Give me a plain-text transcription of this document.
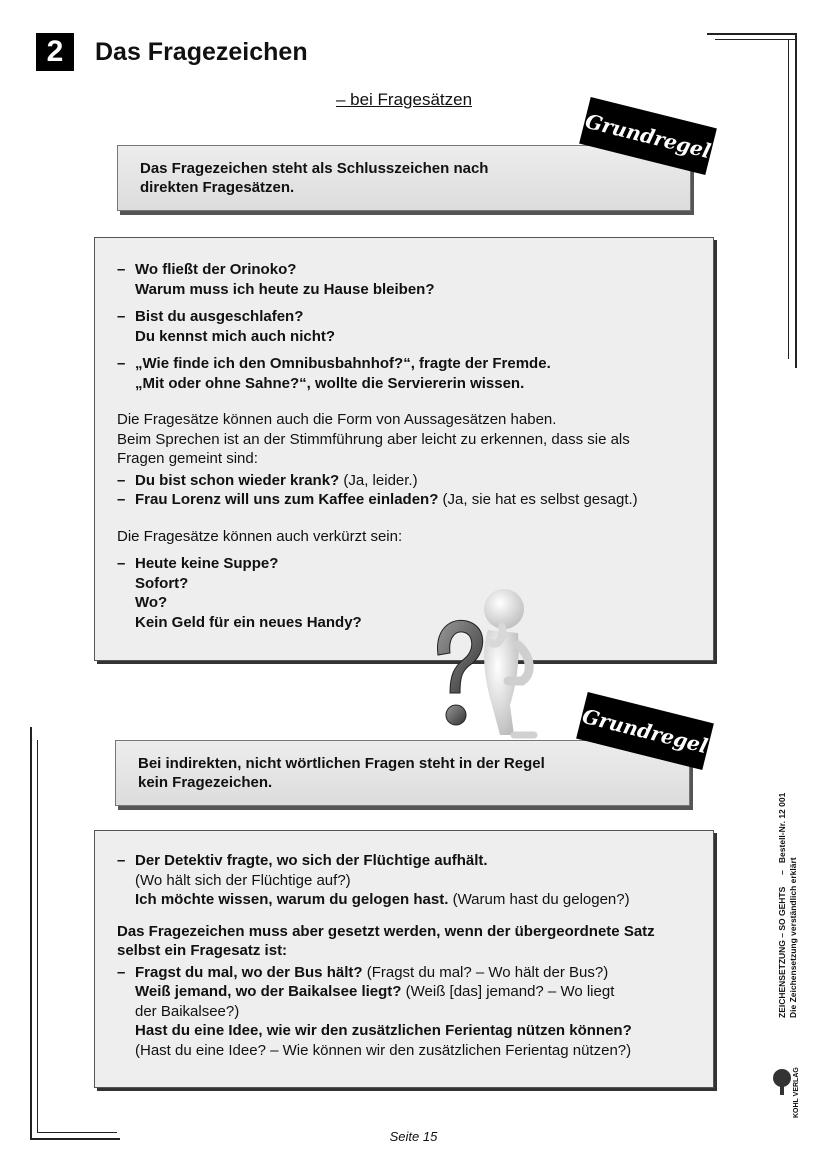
2	Das Fragezeichen
– bei Fragesätzen
Das Fragezeichen steht als Schlusszeichen nach
direkten Fragesätzen.
Grundregel
– Wo fließt der Orinoko?
Warum muss ich heute zu Hause bleiben?
– Bist du ausgeschlafen?
Du kennst mich auch nicht?
– „Wie finde ich den Omnibusbahnhof?“, fragte der Fremde.
„Mit oder ohne Sahne?“, wollte die Serviererin wissen.
Die Fragesätze können auch die Form von Aussagesätzen haben.
Beim Sprechen ist an der Stimmführung aber leicht zu erkennen, dass sie als
Fragen gemeint sind:
– Du bist schon wieder krank? (Ja, leider.)
– Frau Lorenz will uns zum Kaffee einladen? (Ja, sie hat es selbst gesagt.)
Die Fragesätze können auch verkürzt sein:
– Heute keine Suppe?
Sofort?
Wo?
Kein Geld für ein neues Handy?
Bei indirekten, nicht wörtlichen Fragen steht in der Regel
kein Fragezeichen.
Grundregel
– Der Detektiv fragte, wo sich der Flüchtige aufhält.
(Wo hält sich der Flüchtige auf?)
Ich möchte wissen, warum du gelogen hast. (Warum hast du gelogen?)
Das Fragezeichen muss aber gesetzt werden, wenn der übergeordnete Satz
selbst ein Fragesatz ist:
– Fragst du mal, wo der Bus hält? (Fragst du mal? – Wo hält der Bus?)
Weiß jemand, wo der Baikalsee liegt? (Weiß [das] jemand? – Wo liegt
der Baikalsee?)
Hast du eine Idee, wie wir den zusätzlichen Ferientag nützen können?
(Hast du eine Idee? – Wie können wir den zusätzlichen Ferientag nützen?)
ZEICHENSETZUNG – SO GEHTS     –   Bestell-Nr. 12 001
Die Zeichensetzung verständlich erklärt
KOHL VERLAG
Seite 15
